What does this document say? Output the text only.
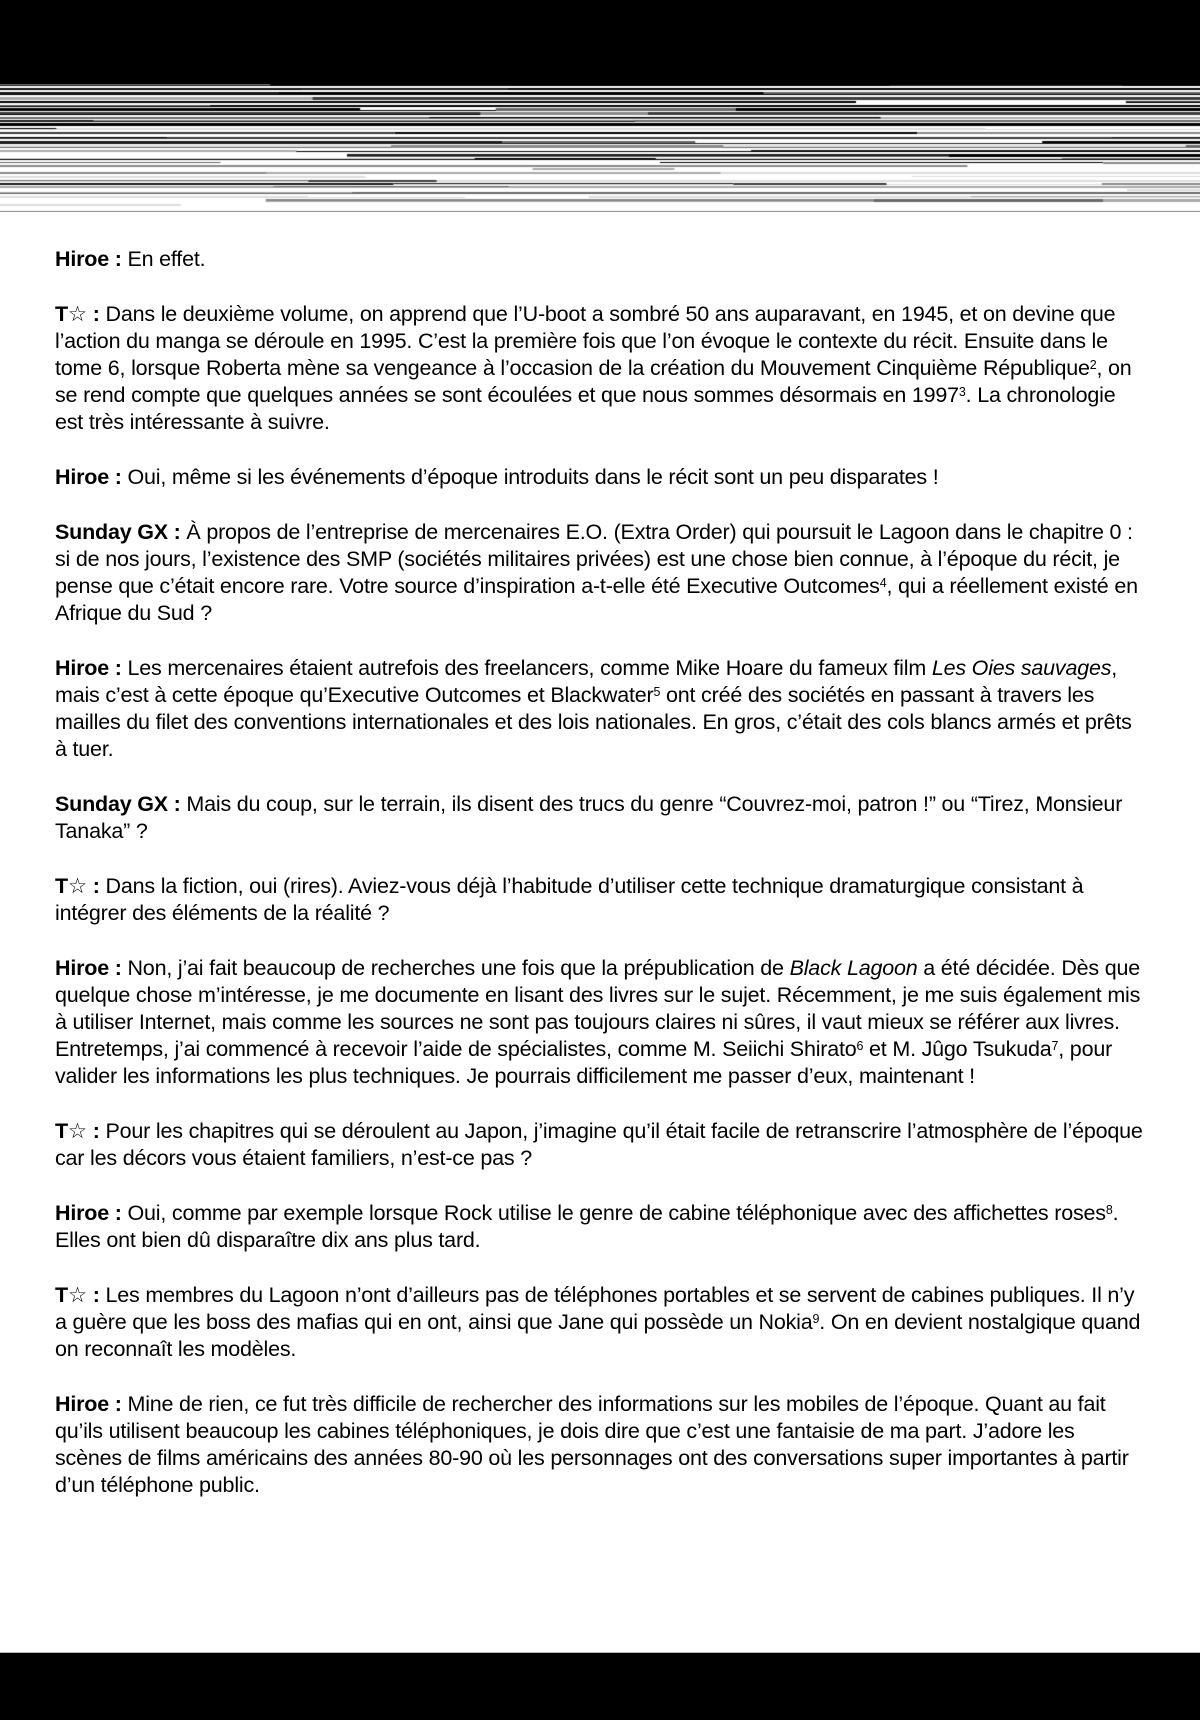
Hiroe : En effet.

T☆ : Dans le deuxième volume, on apprend que l’U-boot a sombré 50 ans auparavant, en 1945, et on devine que l’action du manga se déroule en 1995. C’est la première fois que l’on évoque le contexte du récit. Ensuite dans le tome 6, lorsque Roberta mène sa vengeance à l’occasion de la création du Mouvement Cinquième République$^2$, on se rend compte que quelques années se sont écoulées et que nous sommes désormais en 1997$^3$. La chronologie est très intéressante à suivre.

Hiroe : Oui, même si les événements d’époque introduits dans le récit sont un peu disparates !

Sunday GX : À propos de l’entreprise de mercenaires E.O. (Extra Order) qui poursuit le Lagoon dans le chapitre 0 : si de nos jours, l’existence des SMP (sociétés militaires privées) est une chose bien connue, à l’époque du récit, je pense que c’était encore rare. Votre source d’inspiration a-t-elle été Executive Outcomes$^4$, qui a réellement existé en Afrique du Sud ?

Hiroe : Les mercenaires étaient autrefois des freelancers, comme Mike Hoare du fameux film Les Oies sauvages, mais c’est à cette époque qu’Executive Outcomes et Blackwater$^5$ ont créé des sociétés en passant à travers les mailles du filet des conventions internationales et des lois nationales. En gros, c’était des cols blancs armés et prêts à tuer.

Sunday GX : Mais du coup, sur le terrain, ils disent des trucs du genre “Couvrez-moi, patron !” ou “Tirez, Monsieur Tanaka” ?

T☆ : Dans la fiction, oui (rires). Aviez-vous déjà l’habitude d’utiliser cette technique dramaturgique consistant à intégrer des éléments de la réalité ?

Hiroe : Non, j’ai fait beaucoup de recherches une fois que la prépublication de Black Lagoon a été décidée. Dès que quelque chose m’intéresse, je me documente en lisant des livres sur le sujet. Récemment, je me suis également mis à utiliser Internet, mais comme les sources ne sont pas toujours claires ni sûres, il vaut mieux se référer aux livres. Entretemps, j’ai commencé à recevoir l’aide de spécialistes, comme M. Seiichi Shirato$^6$ et M. Jûgo Tsukuda$^7$, pour valider les informations les plus techniques. Je pourrais difficilement me passer d’eux, maintenant !

T☆ : Pour les chapitres qui se déroulent au Japon, j’imagine qu’il était facile de retranscrire l’atmosphère de l’époque car les décors vous étaient familiers, n’est-ce pas ?

Hiroe : Oui, comme par exemple lorsque Rock utilise le genre de cabine téléphonique avec des affichettes roses$^8$. Elles ont bien dû disparaître dix ans plus tard.

T☆ : Les membres du Lagoon n’ont d’ailleurs pas de téléphones portables et se servent de cabines publiques. Il n’y a guère que les boss des mafias qui en ont, ainsi que Jane qui possède un Nokia$^9$. On en devient nostalgique quand on reconnaît les modèles.

Hiroe : Mine de rien, ce fut très difficile de rechercher des informations sur les mobiles de l’époque. Quant au fait qu’ils utilisent beaucoup les cabines téléphoniques, je dois dire que c’est une fantaisie de ma part. J’adore les scènes de films américains des années 80-90 où les personnages ont des conversations super importantes à partir d’un téléphone public.
